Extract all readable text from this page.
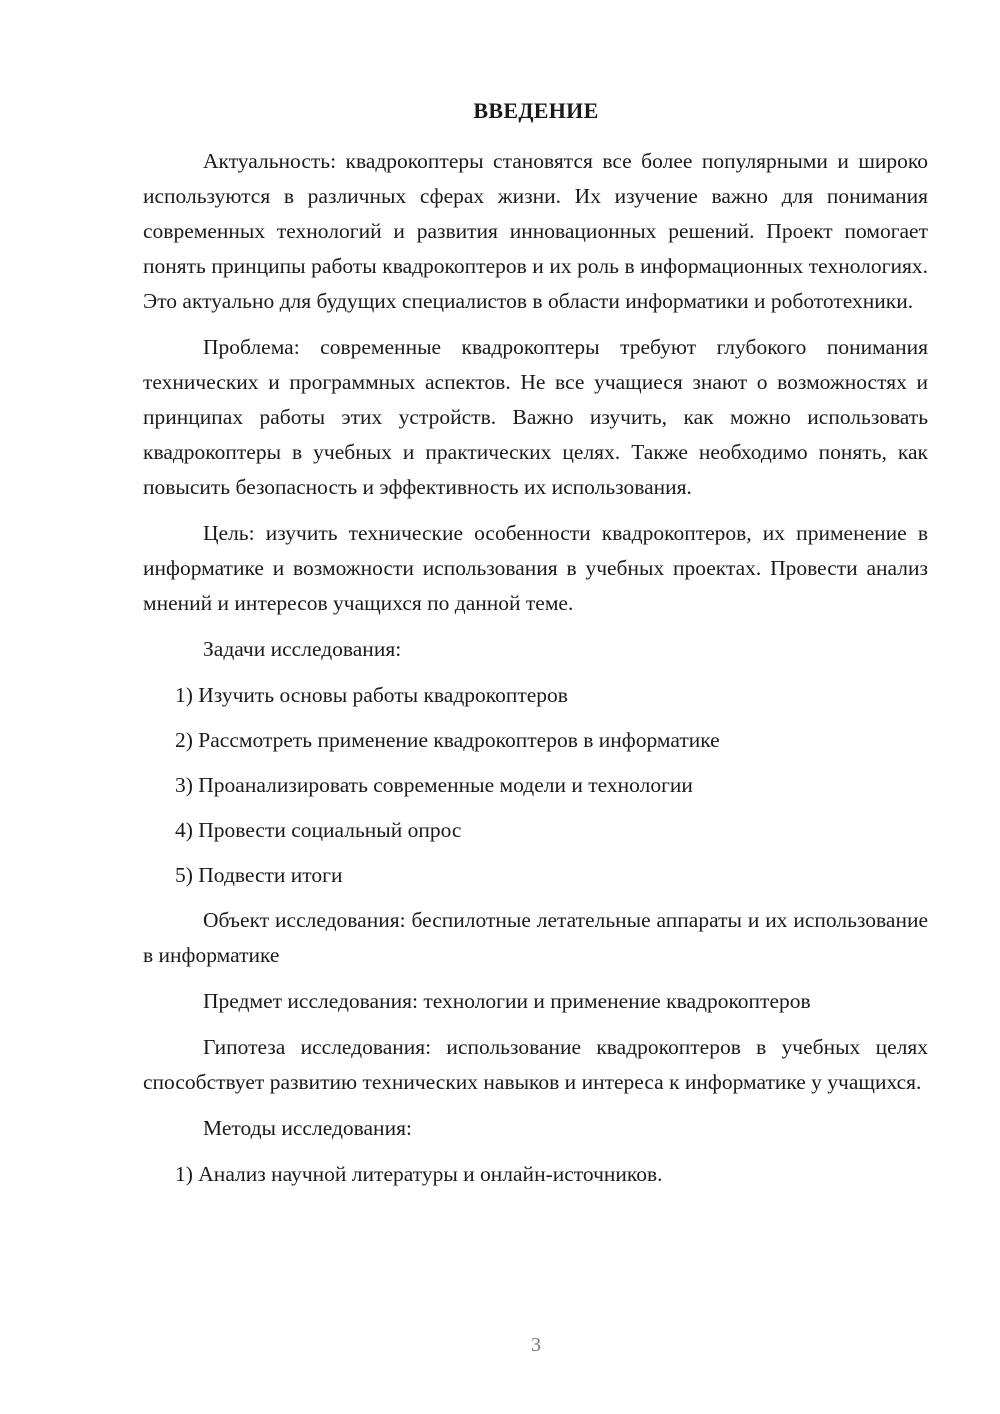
ВВЕДЕНИЕ

Актуальность: квадрокоптеры становятся все более популярными и широко используются в различных сферах жизни. Их изучение важно для понимания современных технологий и развития инновационных решений. Проект помогает понять принципы работы квадрокоптеров и их роль в информационных технологиях. Это актуально для будущих специалистов в области информатики и робототехники.

Проблема: современные квадрокоптеры требуют глубокого понимания технических и программных аспектов. Не все учащиеся знают о возможностях и принципах работы этих устройств. Важно изучить, как можно использовать квадрокоптеры в учебных и практических целях. Также необходимо понять, как повысить безопасность и эффективность их использования.

Цель: изучить технические особенности квадрокоптеров, их применение в информатике и возможности использования в учебных проектах. Провести анализ мнений и интересов учащихся по данной теме.

Задачи исследования:

1) Изучить основы работы квадрокоптеров
2) Рассмотреть применение квадрокоптеров в информатике
3) Проанализировать современные модели и технологии
4) Провести социальный опрос
5) Подвести итоги

Объект исследования: беспилотные летательные аппараты и их использование в информатике

Предмет исследования: технологии и применение квадрокоптеров

Гипотеза исследования: использование квадрокоптеров в учебных целях способствует развитию технических навыков и интереса к информатике у учащихся.

Методы исследования:

1) Анализ научной литературы и онлайн-источников.
3
